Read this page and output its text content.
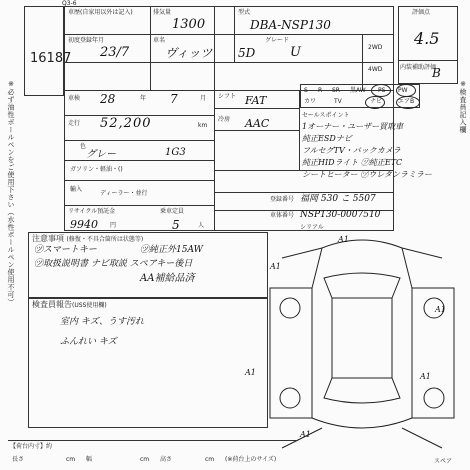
※必ず油性ボールペンをご使用下さい（水性ボールペン使用不可）	※検査員記入欄
Q3-6
16187
車歴(自家用以外は記入)	排気量
1300
型式
DBA-NSP130
2WD
4WD
初度登録年月
23/7
車名
ヴィッツ 5D
グレード
U
評価点
4.5
内装補助評価
B
車検 28	年 7	月 シフト FAT
S R SR 黒AW PS PW
カワ	TV	ナビ	エアB
走行 52,200	km
冷房 AAC
色
グレー	1G3
ガソリン・軽油・()
輸入
ディーラー・並行
セールスポイント
1オーナー・ユーザー買取車
純正ESDナビ
フルセグTV・バックカメラ
純正HIDライト ㋡純正ETC
シートヒーター ㋡ウレタンラミラー
登録番号 福岡 530 こ 5507
車体番号 NSP130-0007510
シリアル
リサイクル預託金
9940 円
乗車定員
5	人
注意事項 (修復・不具合箇所は状態等)
㋡スマートキー	㋡純正外15AW
㋡取扱説明書 ナビ取説 スペアキー後日
AA補給品済
検査員報告(USS使用欄)
室内 キズ、うす汚れ
ふんれい キズ
A1
A1
A1	A1
A1
A1
スペア
【荷台内寸】約
長さ	cm 幅	cm 高さ	cm (※荷台上のサイズ)
